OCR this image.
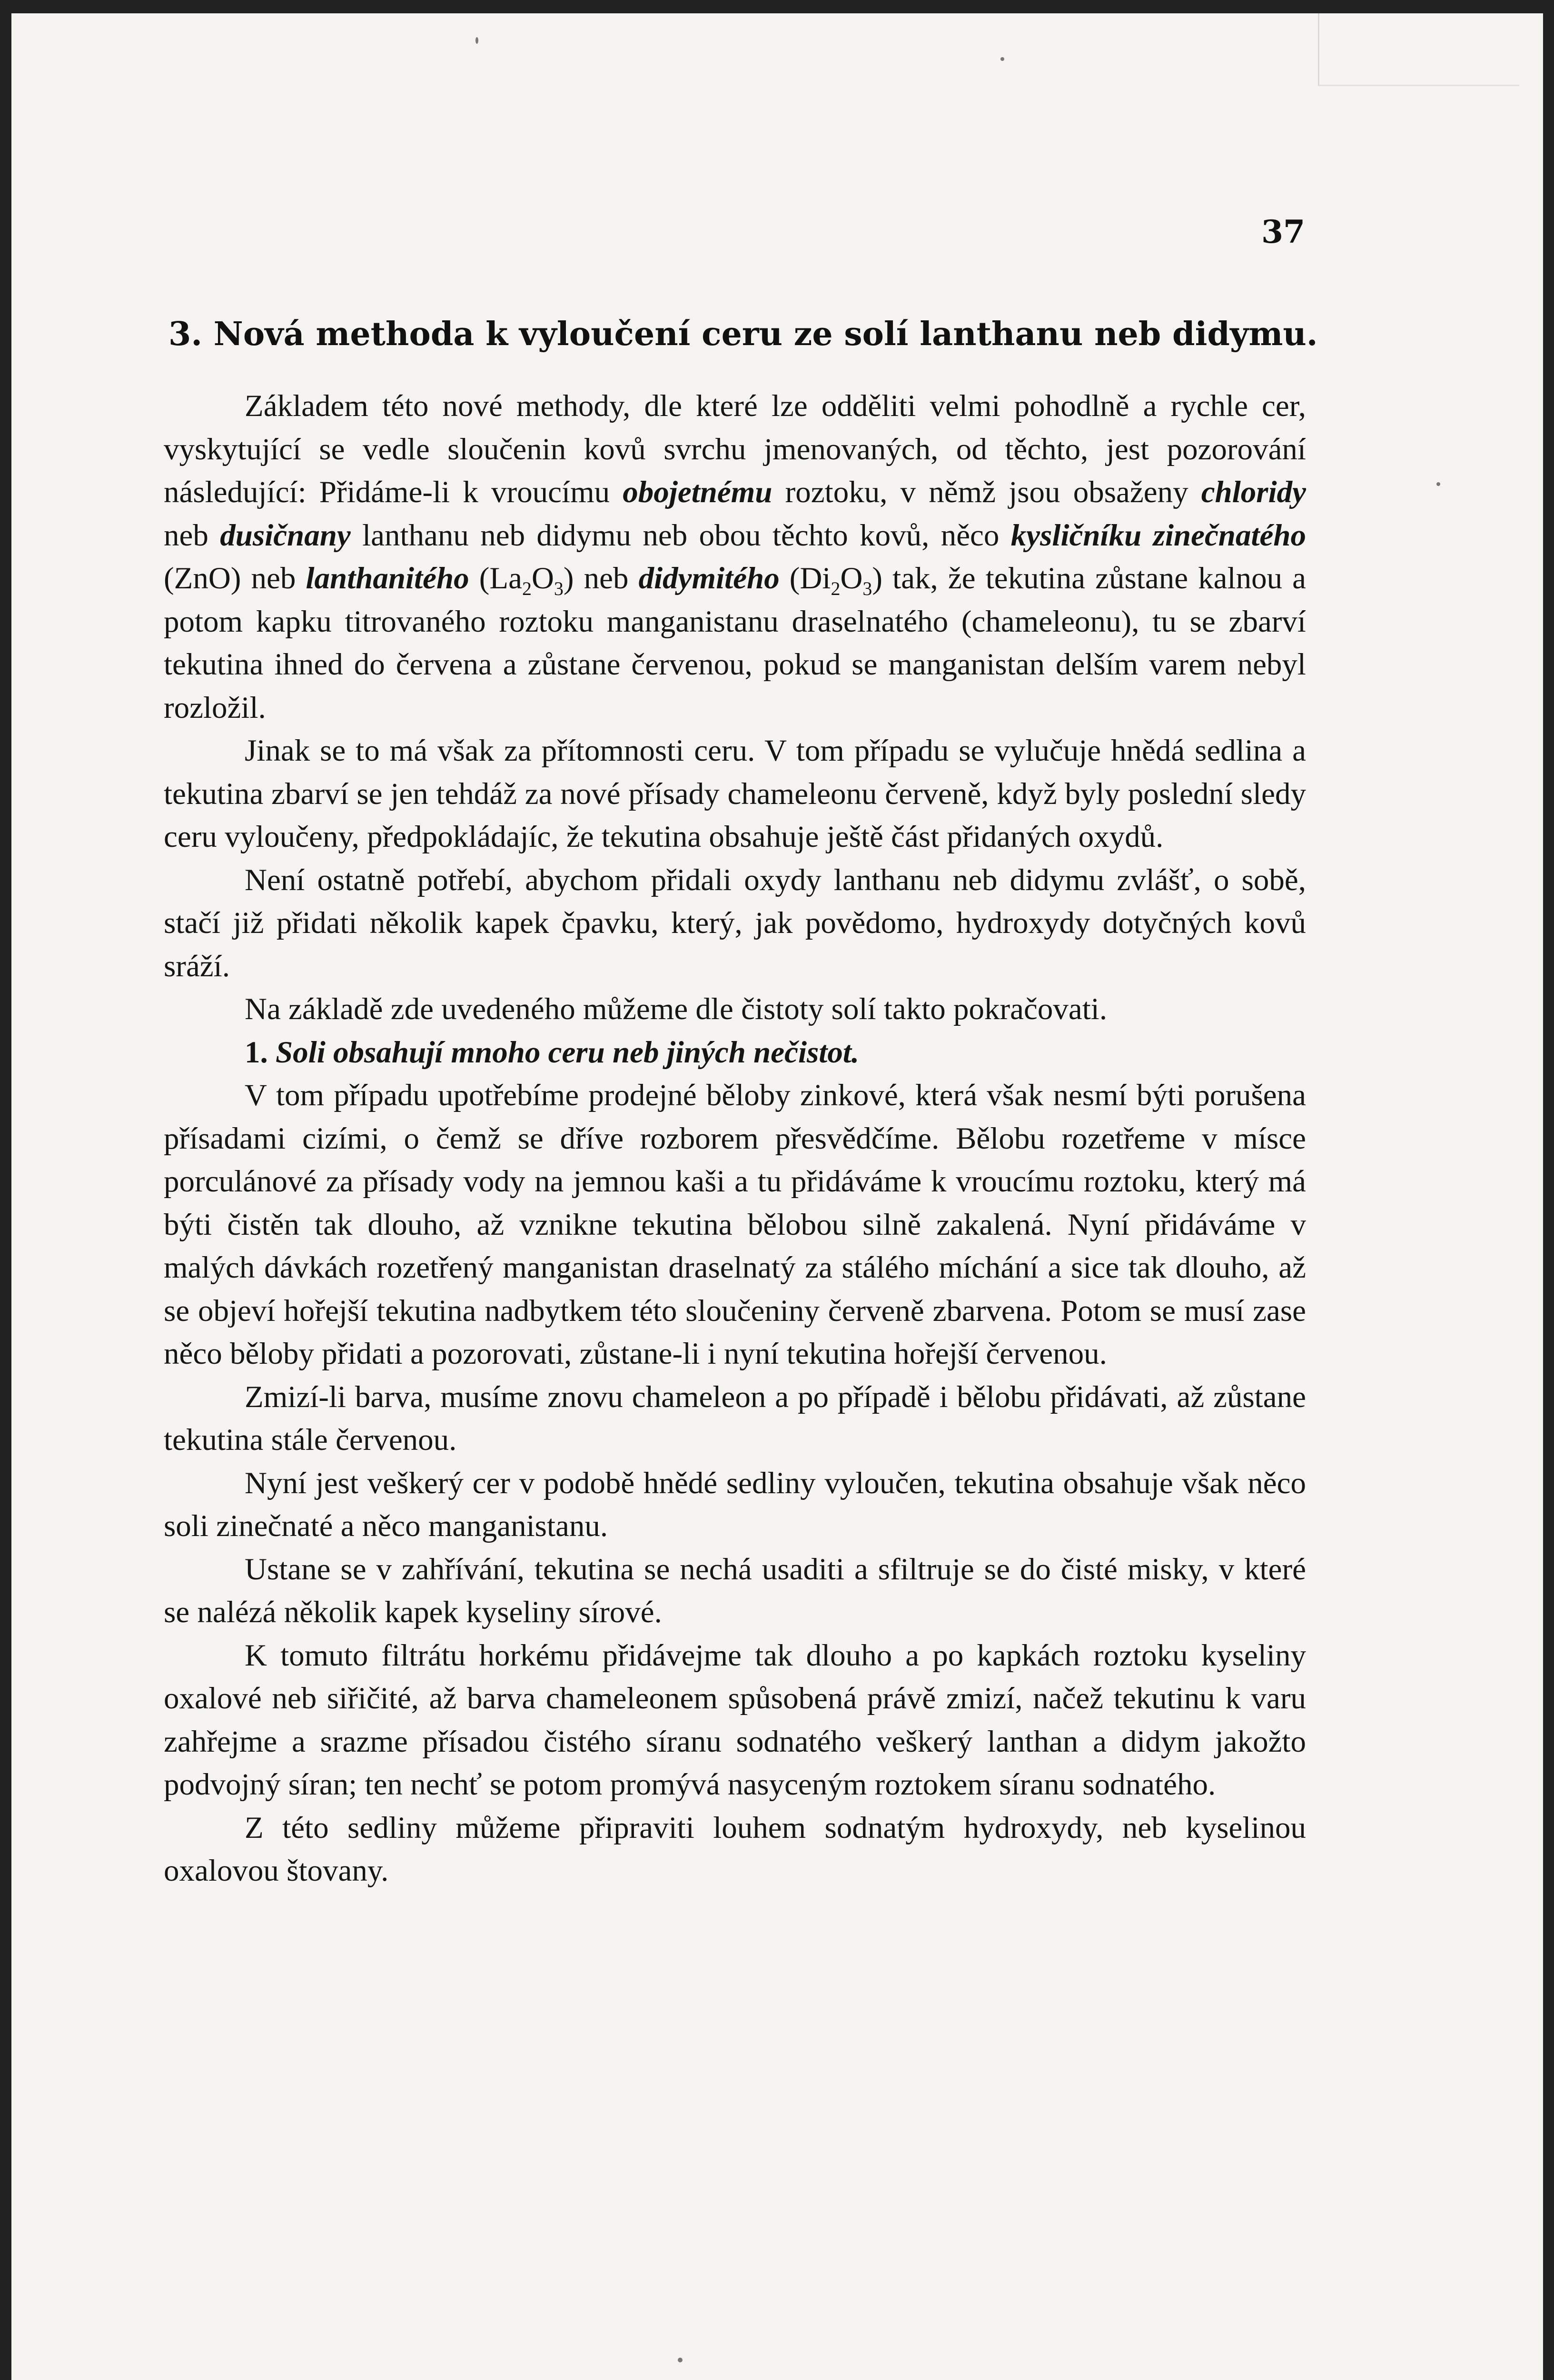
37
3. Nová methoda k vyloučení ceru ze solí lanthanu neb didymu.

Základem této nové methody, dle které lze odděliti velmi pohodlně a rychle cer, vyskytující se vedle sloučenin kovů svrchu jmenovaných, od těchto, jest pozorování následující: Přidáme-li k vroucímu obojetnému roztoku, v němž jsou obsaženy chloridy neb dusičnany lanthanu neb didymu neb obou těchto kovů, něco kysličníku zinečnatého (ZnO) neb lanthanitého $(La_2O_3)$ neb didymitého $(Di_2O_3)$ tak, že tekutina zůstane kalnou a potom kapku titrovaného roztoku manganistanu draselnatého (chameleonu), tu se zbarví tekutina ihned do červena a zůstane červenou, pokud se manganistan delším varem nebyl rozložil.

Jinak se to má však za přítomnosti ceru. V tom případu se vylučuje hnědá sedlina a tekutina zbarví se jen tehdáž za nové přísady chameleonu červeně, když byly poslední sledy ceru vyloučeny, předpokládajíc, že tekutina obsahuje ještě část přidaných oxydů.

Není ostatně potřebí, abychom přidali oxydy lanthanu neb didymu zvlášť, o sobě, stačí již přidati několik kapek čpavku, který, jak povědomo, hydroxydy dotyčných kovů sráží.

Na základě zde uvedeného můžeme dle čistoty solí takto pokračovati.

1. Soli obsahují mnoho ceru neb jiných nečistot.

V tom případu upotřebíme prodejné běloby zinkové, která však nesmí býti porušena přísadami cizími, o čemž se dříve rozborem přesvědčíme. Bělobu rozetřeme v mísce porculánové za přísady vody na jemnou kaši a tu přidáváme k vroucímu roztoku, který má býti čistěn tak dlouho, až vznikne tekutina bělobou silně zakalená. Nyní přidáváme v malých dávkách rozetřený manganistan draselnatý za stálého míchání a sice tak dlouho, až se objeví hořejší tekutina nadbytkem této sloučeniny červeně zbarvena. Potom se musí zase něco běloby přidati a pozorovati, zůstane-li i nyní tekutina hořejší červenou.

Zmizí-li barva, musíme znovu chameleon a po případě i bělobu přidávati, až zůstane tekutina stále červenou.

Nyní jest veškerý cer v podobě hnědé sedliny vyloučen, tekutina obsahuje však něco soli zinečnaté a něco manganistanu.

Ustane se v zahřívání, tekutina se nechá usaditi a sfiltruje se do čisté misky, v které se nalézá několik kapek kyseliny sírové.

K tomuto filtrátu horkému přidávejme tak dlouho a po kapkách roztoku kyseliny oxalové neb siřičité, až barva chameleonem spůsobená právě zmizí, načež tekutinu k varu zahřejme a srazme přísadou čistého síranu sodnatého veškerý lanthan a didym jakožto podvojný síran; ten nechť se potom promývá nasyceným roztokem síranu sodnatého.

Z této sedliny můžeme připraviti louhem sodnatým hydroxydy, neb kyselinou oxalovou štovany.
